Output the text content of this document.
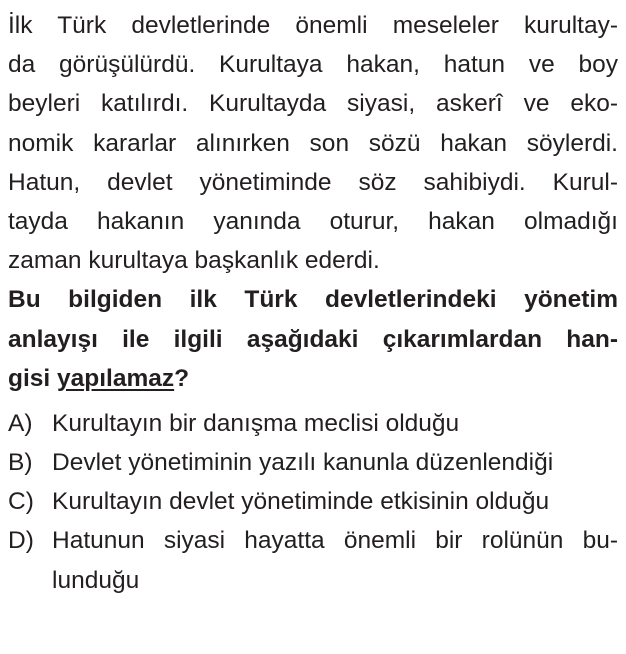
İlk Türk devletlerinde önemli meseleler kurultay-
da görüşülürdü. Kurultaya hakan, hatun ve boy
beyleri katılırdı. Kurultayda siyasi, askerî ve eko-
nomik kararlar alınırken son sözü hakan söylerdi.
Hatun, devlet yönetiminde söz sahibiydi. Kurul-
tayda hakanın yanında oturur, hakan olmadığı
zaman kurultaya başkanlık ederdi.
Bu bilgiden ilk Türk devletlerindeki yönetim
anlayışı ile ilgili aşağıdaki çıkarımlardan han-
gisi yapılamaz?
A) Kurultayın bir danışma meclisi olduğu
B) Devlet yönetiminin yazılı kanunla düzenlendiği
C) Kurultayın devlet yönetiminde etkisinin olduğu
D) Hatunun siyasi hayatta önemli bir rolünün bu-
lunduğu
